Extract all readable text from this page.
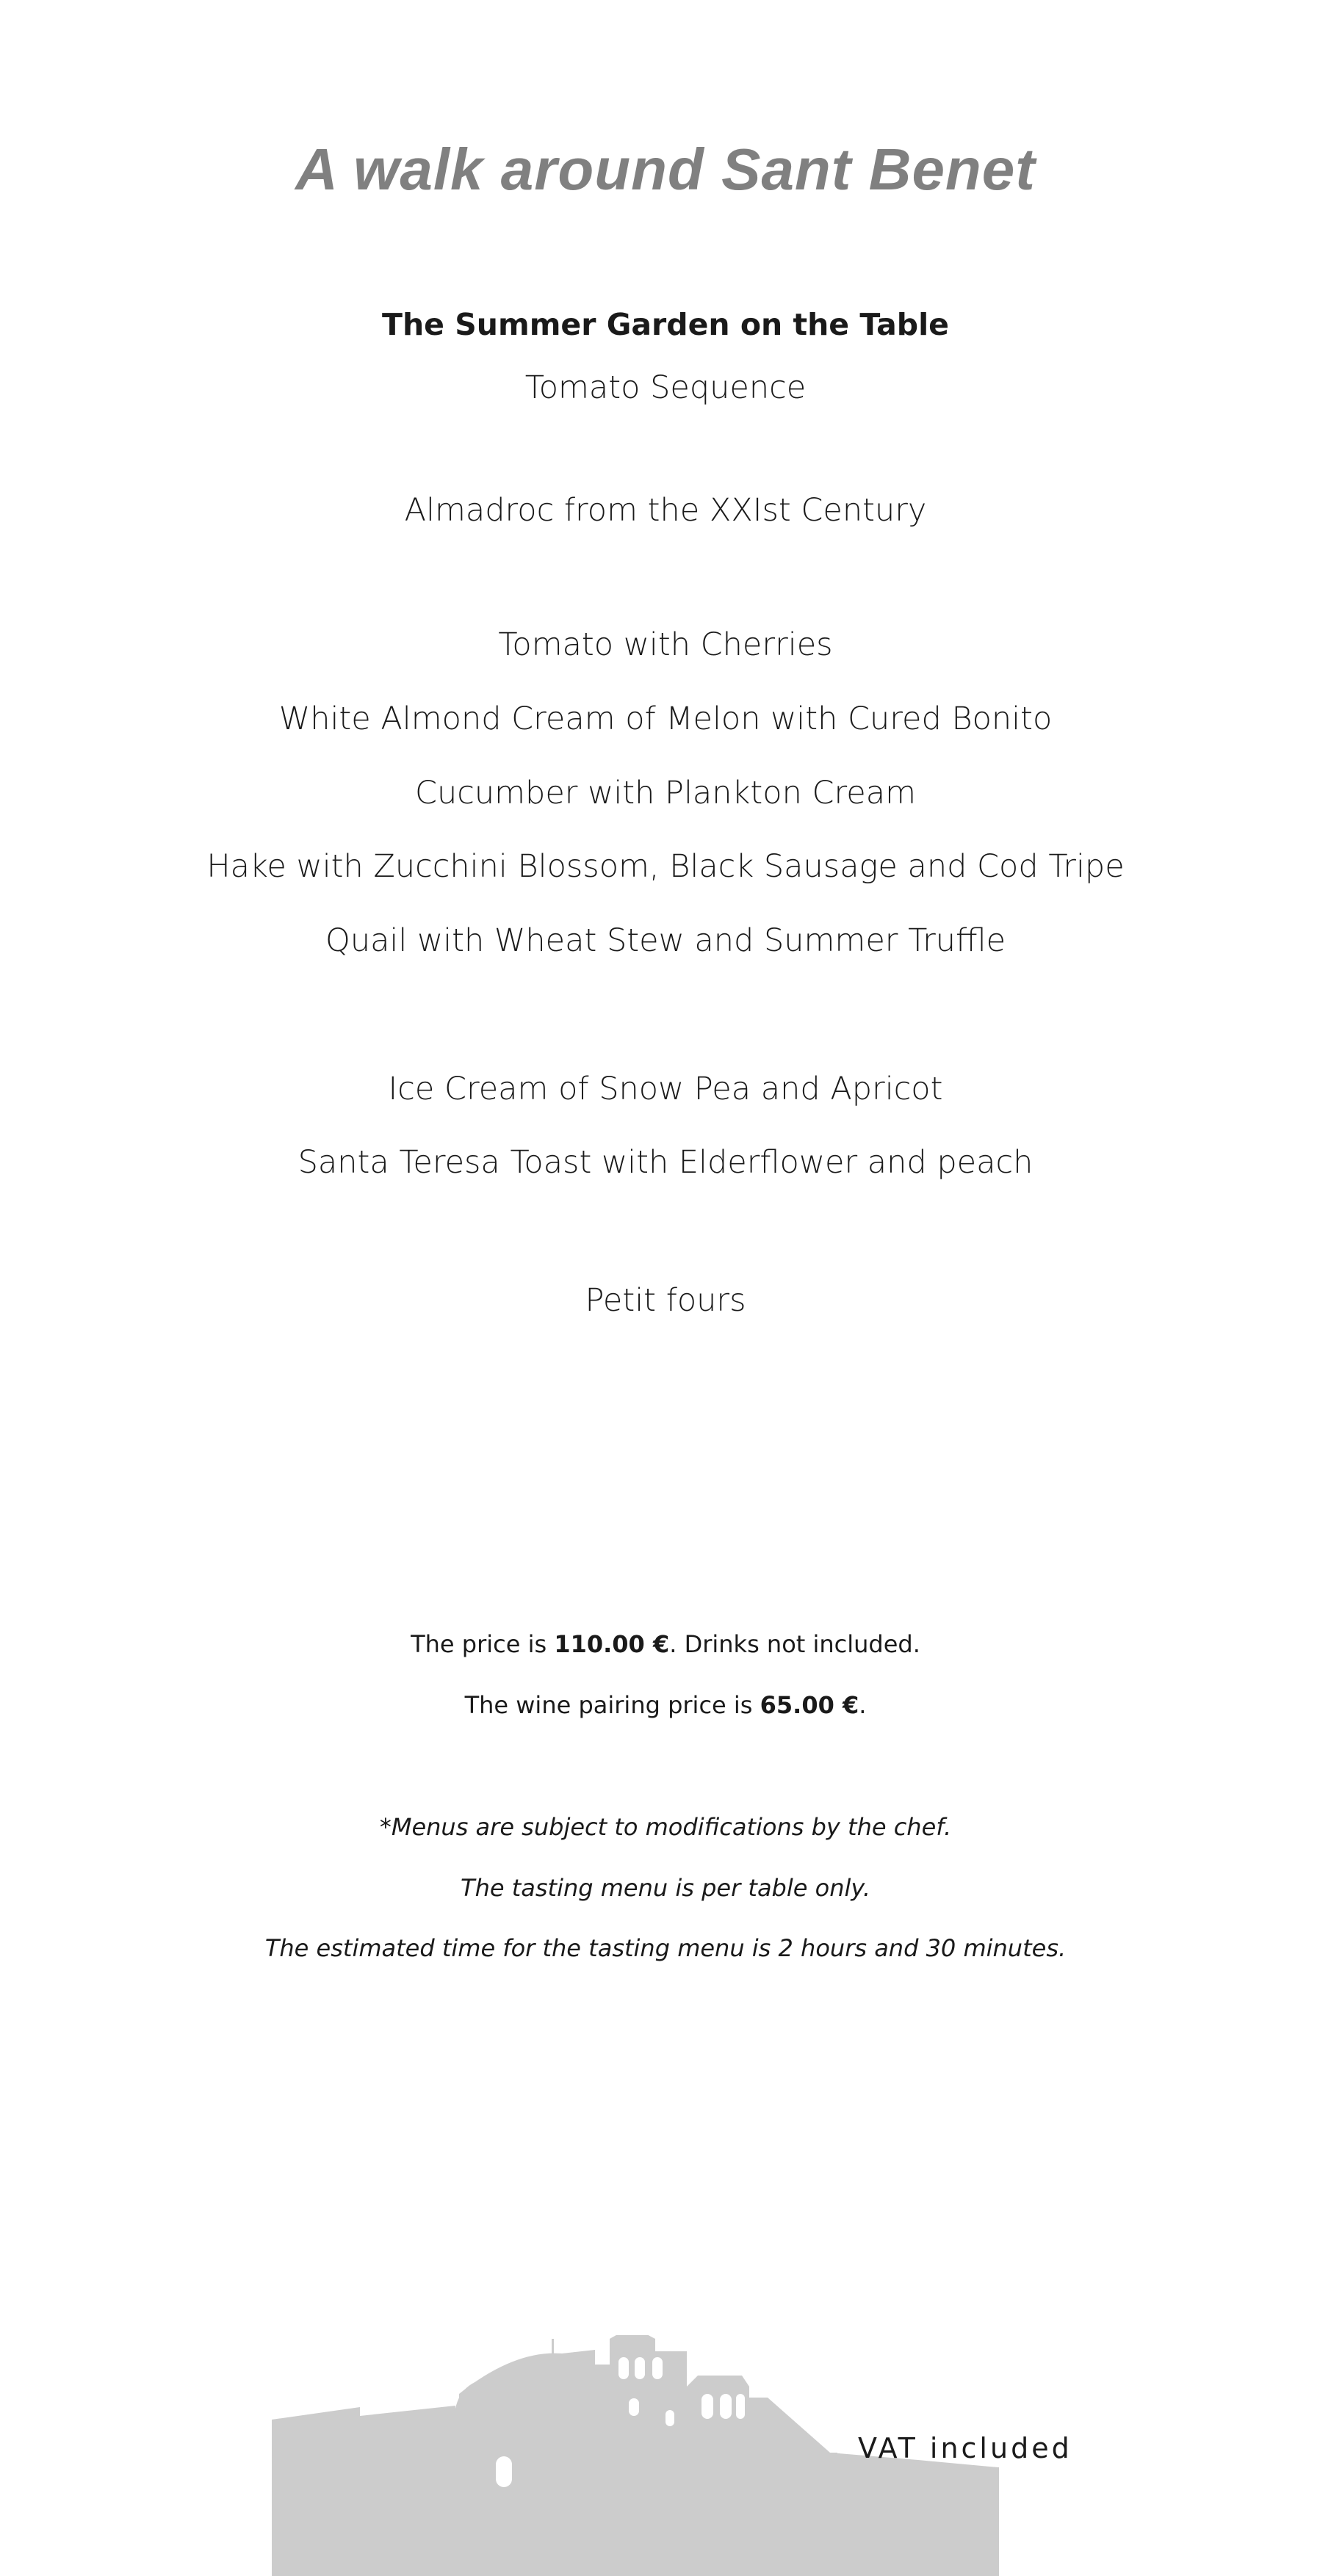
A walk around Sant Benet
The Summer Garden on the Table
Tomato Sequence
Almadroc from the XXIst Century
Tomato with Cherries
White Almond Cream of Melon with Cured Bonito
Cucumber with Plankton Cream
Hake with Zucchini Blossom, Black Sausage and Cod Tripe
Quail with Wheat Stew and Summer Truffle
Ice Cream of Snow Pea and Apricot
Santa Teresa Toast with Elderflower and peach
Petit fours
The price is 110.00 €. Drinks not included.
The wine pairing price is 65.00 €.
*Menus are subject to modifications by the chef.
The tasting menu is per table only.
The estimated time for the tasting menu is 2 hours and 30 minutes.
VAT included
